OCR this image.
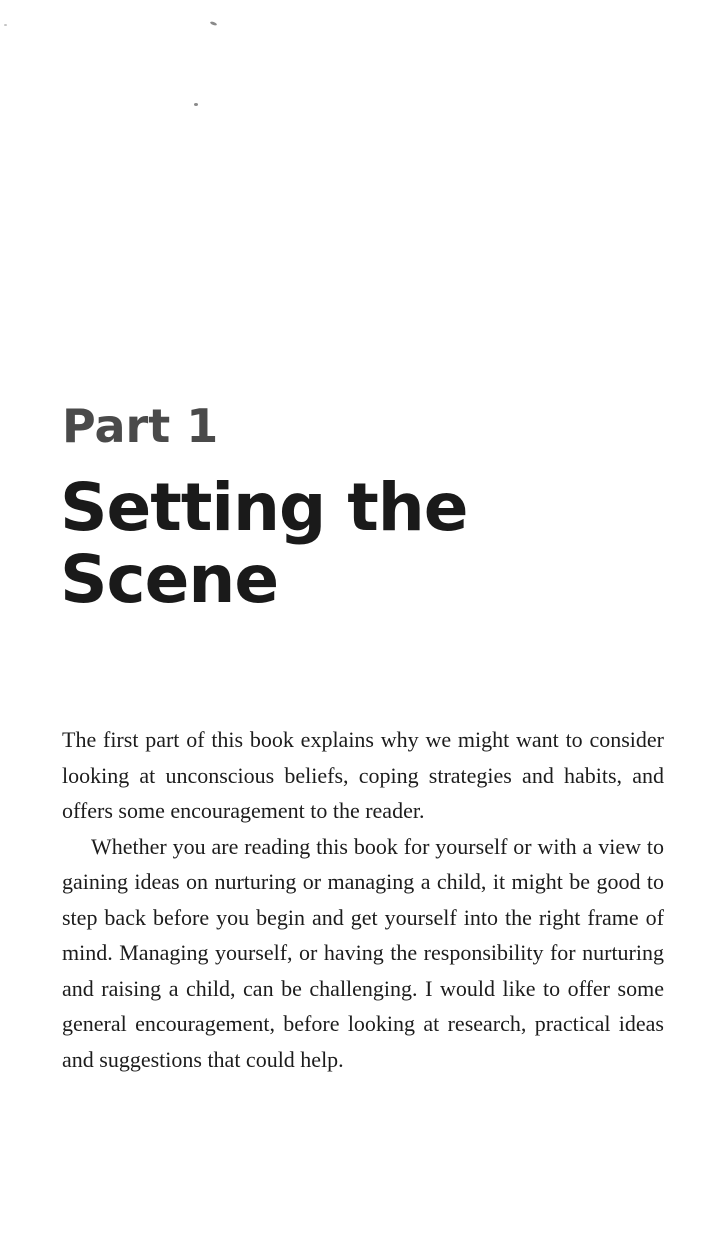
Part 1
Setting the Scene

The first part of this book explains why we might want to consider looking at unconscious beliefs, coping strategies and habits, and offers some encouragement to the reader.

Whether you are reading this book for yourself or with a view to gaining ideas on nurturing or managing a child, it might be good to step back before you begin and get yourself into the right frame of mind. Managing yourself, or having the responsibility for nurturing and raising a child, can be challenging. I would like to offer some general encouragement, before looking at research, practical ideas and suggestions that could help.
